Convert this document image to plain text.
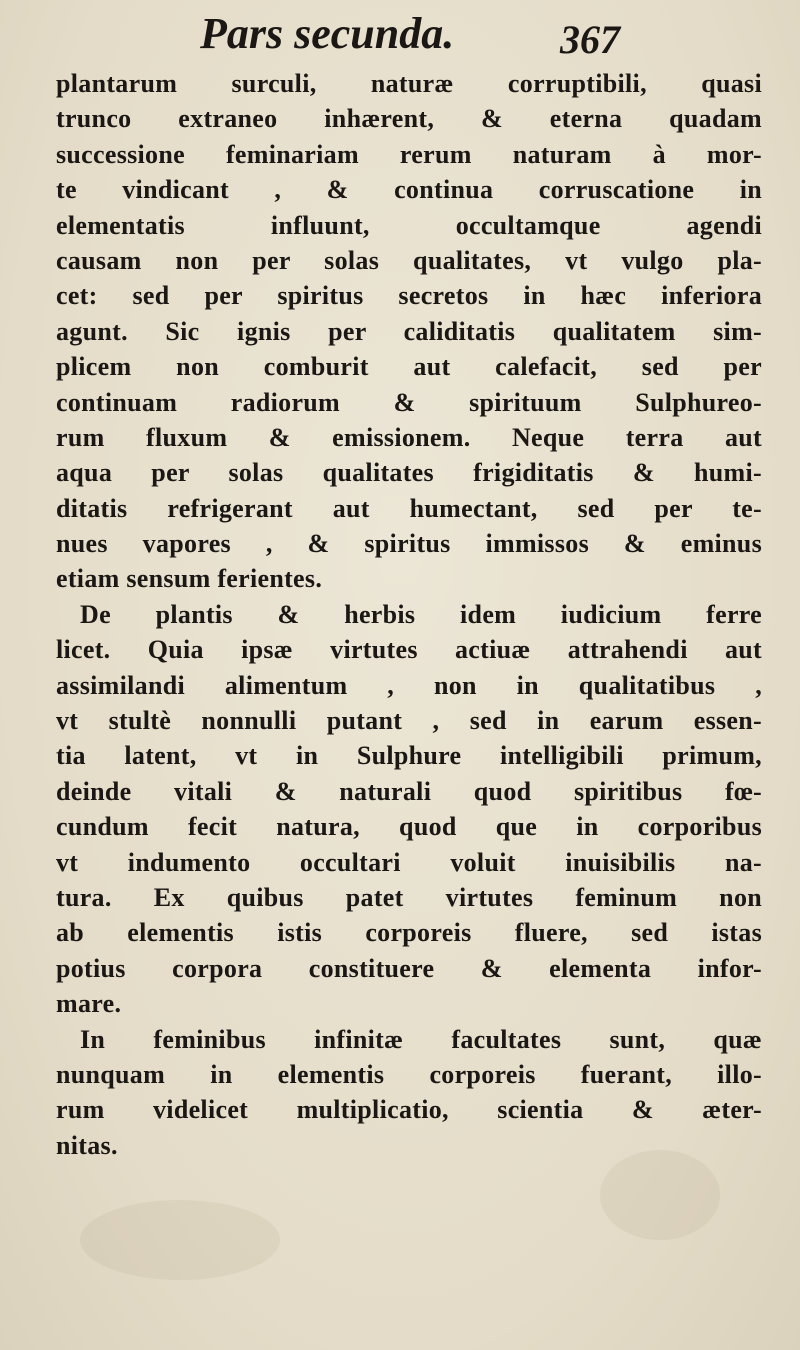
Pars secunda.	367
plantarum surculi, naturæ corruptibili, quasi
trunco extraneo inhærent, & eterna quadam
successione feminariam rerum naturam à mor-
te vindicant , & continua corruscatione in
elementatis influunt, occultamque agendi
causam non per solas qualitates, vt vulgo pla-
cet: sed per spiritus secretos in hæc inferiora
agunt. Sic ignis per caliditatis qualitatem sim-
plicem non comburit aut calefacit, sed per
continuam radiorum & spirituum Sulphureo-
rum fluxum & emissionem. Neque terra aut
aqua per solas qualitates frigiditatis & humi-
ditatis refrigerant aut humectant, sed per te-
nues vapores , & spiritus immissos & eminus
etiam sensum ferientes.
De plantis & herbis idem iudicium ferre
licet. Quia ipsæ virtutes actiuæ attrahendi aut
assimilandi alimentum , non in qualitatibus ,
vt stultè nonnulli putant , sed in earum essen-
tia latent, vt in Sulphure intelligibili primum,
deinde vitali & naturali quod spiritibus fœ-
cundum fecit natura, quod que in corporibus
vt indumento occultari voluit inuisibilis na-
tura. Ex quibus patet virtutes feminum non
ab elementis istis corporeis fluere, sed istas
potius corpora constituere & elementa infor-
mare.
In feminibus infinitæ facultates sunt, quæ
nunquam in elementis corporeis fuerant, illo-
rum videlicet multiplicatio, scientia & æter-
nitas.
